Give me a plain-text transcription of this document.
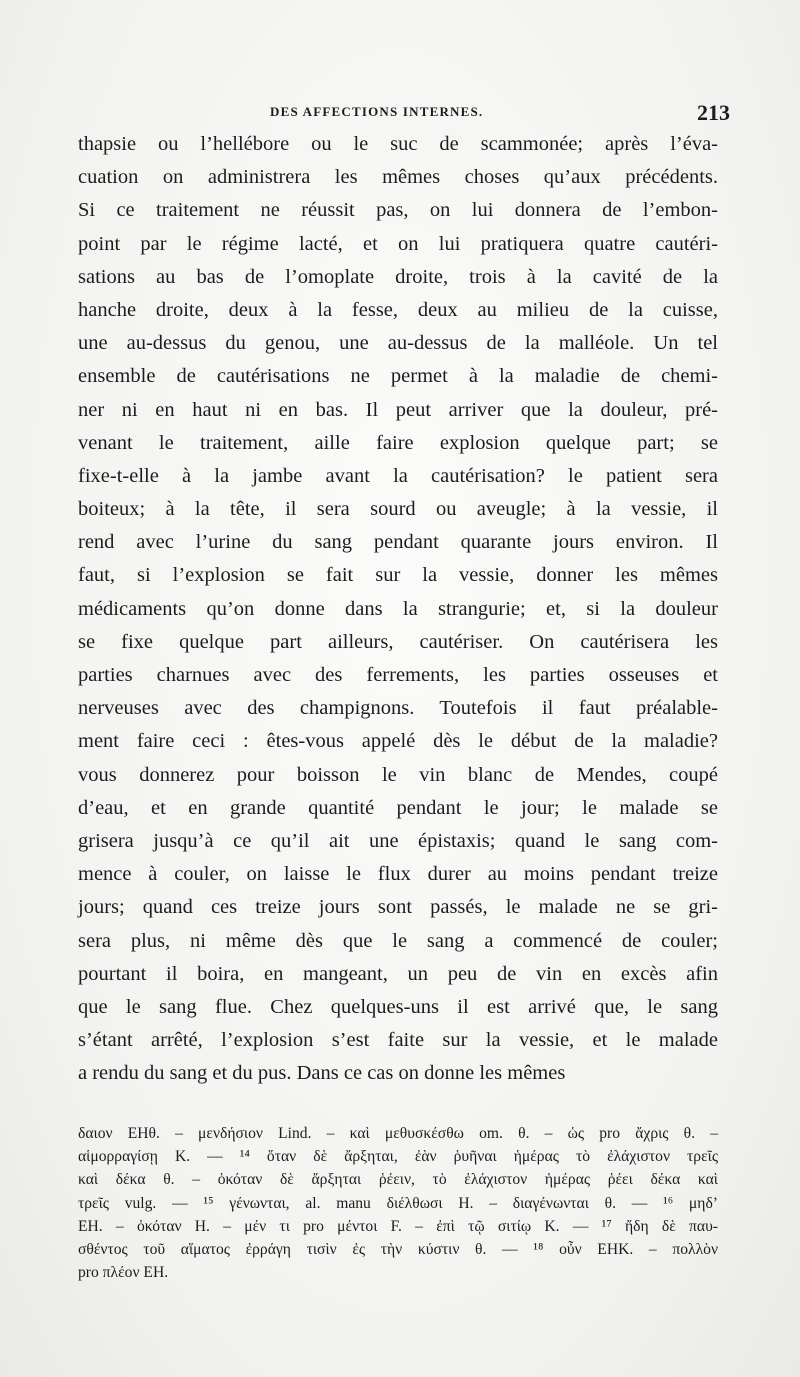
DES AFFECTIONS INTERNES.	213
thapsie ou l’hellébore ou le suc de scammonée; après l’éva-
cuation on administrera les mêmes choses qu’aux précédents.
Si ce traitement ne réussit pas, on lui donnera de l’embon-
point par le régime lacté, et on lui pratiquera quatre cautéri-
sations au bas de l’omoplate droite, trois à la cavité de la
hanche droite, deux à la fesse, deux au milieu de la cuisse,
une au-dessus du genou, une au-dessus de la malléole. Un tel
ensemble de cautérisations ne permet à la maladie de chemi-
ner ni en haut ni en bas. Il peut arriver que la douleur, pré-
venant le traitement, aille faire explosion quelque part; se
fixe-t-elle à la jambe avant la cautérisation? le patient sera
boiteux; à la tête, il sera sourd ou aveugle; à la vessie, il
rend avec l’urine du sang pendant quarante jours environ. Il
faut, si l’explosion se fait sur la vessie, donner les mêmes
médicaments qu’on donne dans la strangurie; et, si la douleur
se fixe quelque part ailleurs, cautériser. On cautérisera les
parties charnues avec des ferrements, les parties osseuses et
nerveuses avec des champignons. Toutefois il faut préalable-
ment faire ceci : êtes-vous appelé dès le début de la maladie?
vous donnerez pour boisson le vin blanc de Mendes, coupé
d’eau, et en grande quantité pendant le jour; le malade se
grisera jusqu’à ce qu’il ait une épistaxis; quand le sang com-
mence à couler, on laisse le flux durer au moins pendant treize
jours; quand ces treize jours sont passés, le malade ne se gri-
sera plus, ni même dès que le sang a commencé de couler;
pourtant il boira, en mangeant, un peu de vin en excès afin
que le sang flue. Chez quelques-uns il est arrivé que, le sang
s’étant arrêté, l’explosion s’est faite sur la vessie, et le malade
a rendu du sang et du pus. Dans ce cas on donne les mêmes
δαιον ΕΗθ. – μενδήσιον Lind. – καὶ μεθυσκέσθω om. θ. – ὡς pro ἄχρις θ. –
αἱμορραγίσῃ K. — ¹⁴ ὅταν δὲ ἄρξηται, ἐὰν ῥυῆναι ἡμέρας τὸ ἐλάχιστον τρεῖς
καὶ δέκα θ. – ὁκόταν δὲ ἄρξηται ῥέειν, τὸ ἐλάχιστον ἡμέρας ῥέει δέκα καὶ
τρεῖς vulg. — ¹⁵ γένωνται, al. manu διέλθωσι H. – διαγένωνται θ. — ¹⁶ μηδ’
EH. – ὀκόταν H. – μέν τι pro μέντοι F. – ἐπὶ τῷ σιτίῳ K. — ¹⁷ ἤδη δὲ παυ-
σθέντος τοῦ αἵματος ἐρράγη τισὶν ἐς τὴν κύστιν θ. — ¹⁸ οὖν EHK. – πολλὸν
pro πλέον EH.
